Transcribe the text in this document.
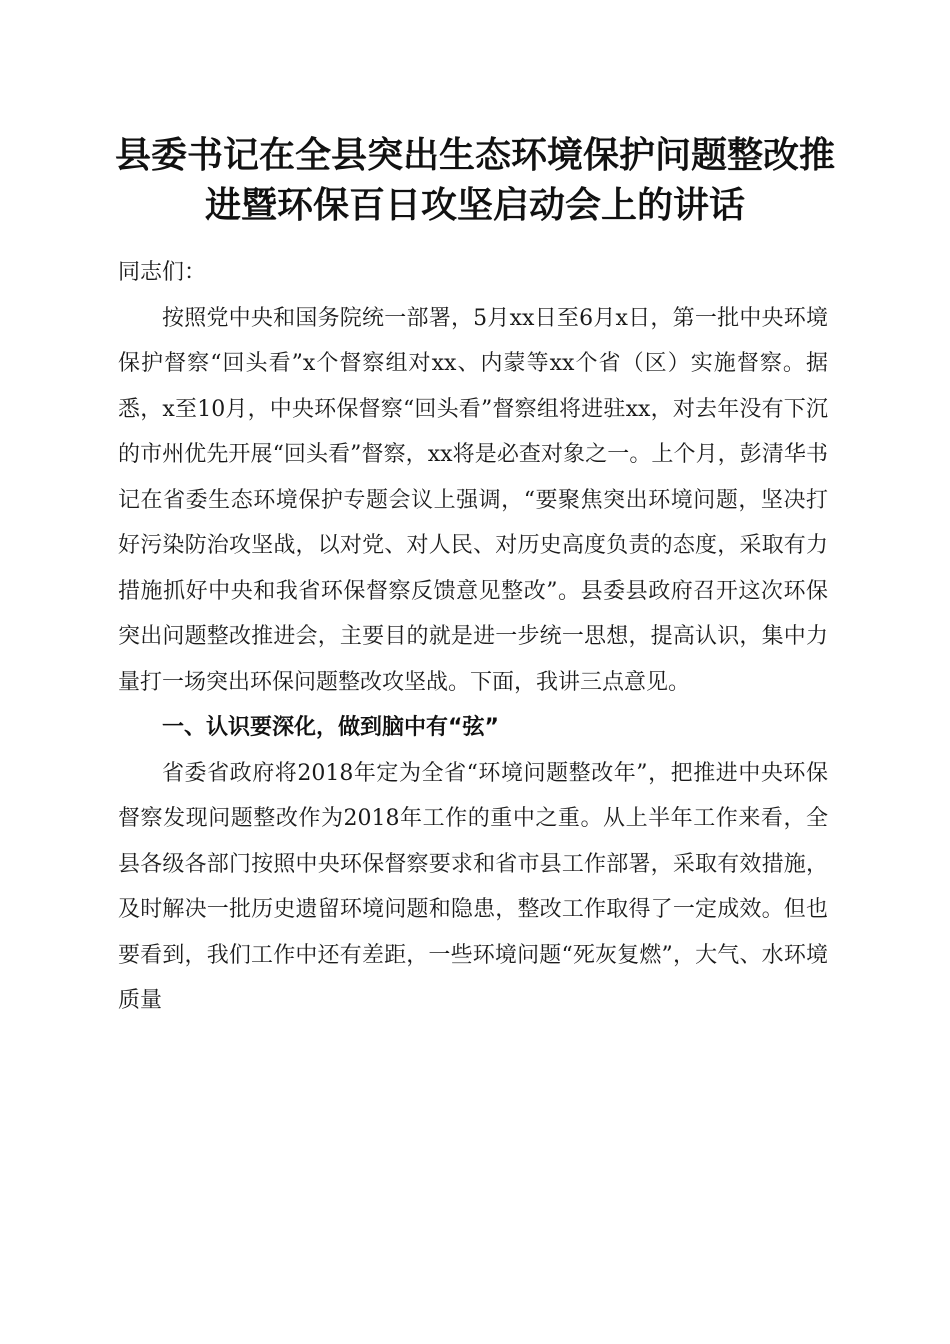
县委书记在全县突出生态环境保护问题整改推
进暨环保百日攻坚启动会上的讲话

同志们：

按照党中央和国务院统一部署，5月xx日至6月x日，第一批中央环境保护督察“回头看”x个督察组对xx、内蒙等xx个省（区）实施督察。据悉，x至10月，中央环保督察“回头看”督察组将进驻xx，对去年没有下沉的市州优先开展“回头看”督察，xx将是必查对象之一。上个月，彭清华书记在省委生态环境保护专题会议上强调，“要聚焦突出环境问题，坚决打好污染防治攻坚战，以对党、对人民、对历史高度负责的态度，采取有力措施抓好中央和我省环保督察反馈意见整改”。县委县政府召开这次环保突出问题整改推进会，主要目的就是进一步统一思想，提高认识，集中力量打一场突出环保问题整改攻坚战。下面，我讲三点意见。

一、认识要深化，做到脑中有“弦”

省委省政府将2018年定为全省“环境问题整改年”，把推进中央环保督察发现问题整改作为2018年工作的重中之重。从上半年工作来看，全县各级各部门按照中央环保督察要求和省市县工作部署，采取有效措施，及时解决一批历史遗留环境问题和隐患，整改工作取得了一定成效。但也要看到，我们工作中还有差距，一些环境问题“死灰复燃”，大气、水环境质量
